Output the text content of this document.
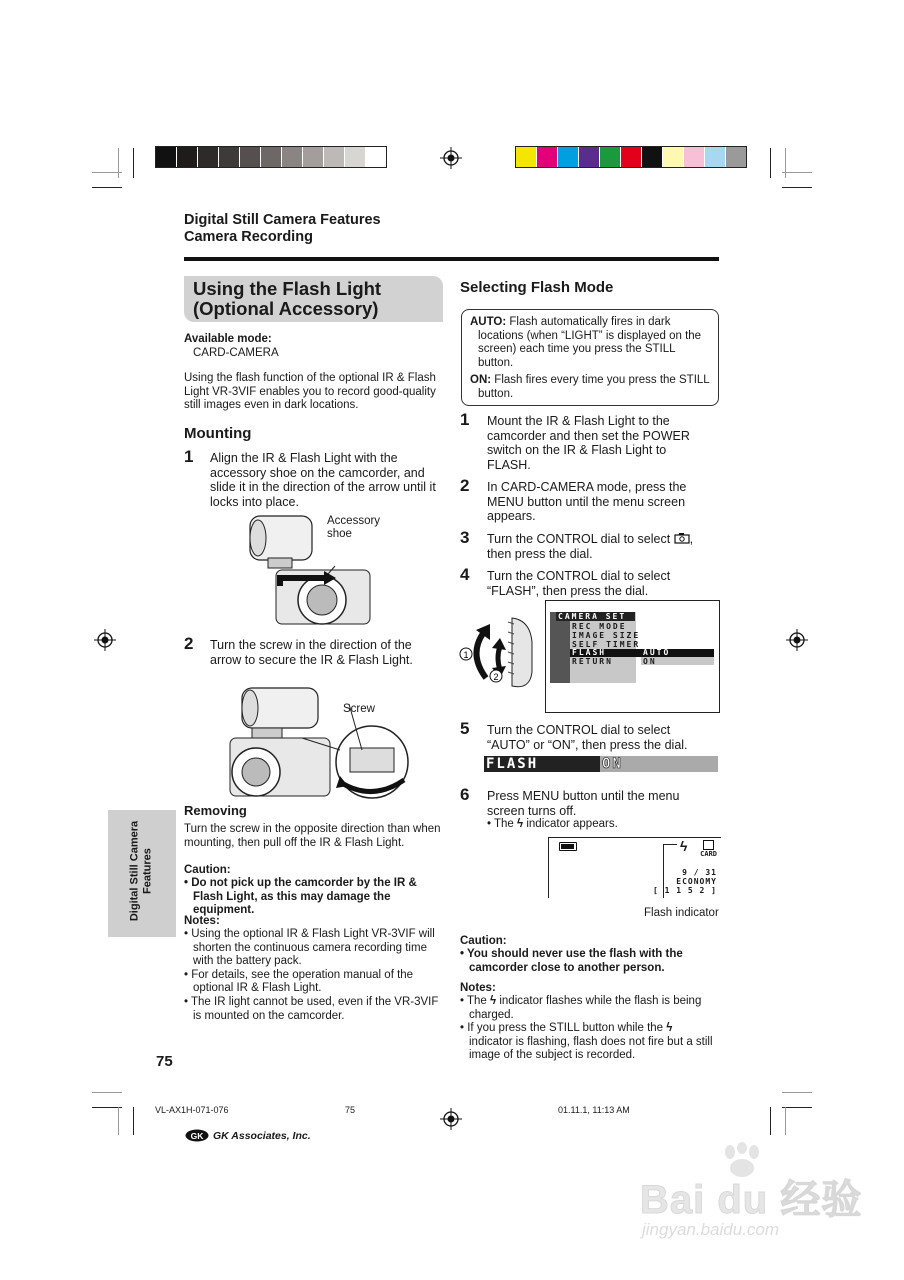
Digital Still Camera Features
Camera Recording
Using the Flash Light
(Optional Accessory)
Available mode:
CARD-CAMERA
Using the flash function of the optional IR & Flash Light VR-3VIF enables you to record good-quality still images even in dark locations.
Mounting
1 Align the IR & Flash Light with the accessory shoe on the camcorder, and slide it in the direction of the arrow until it locks into place.
Accessory shoe
2 Turn the screw in the direction of the arrow to secure the IR & Flash Light.
Screw
Removing
Turn the screw in the opposite direction than when mounting, then pull off the IR & Flash Light.
Caution:
• Do not pick up the camcorder by the IR & Flash Light, as this may damage the equipment.
Notes:
• Using the optional IR & Flash Light VR-3VIF will shorten the continuous camera recording time with the battery pack.
• For details, see the operation manual of the optional IR & Flash Light.
• The IR light cannot be used, even if the VR-3VIF is mounted on the camcorder.
Digital Still Camera Features
75
Selecting Flash Mode
AUTO: Flash automatically fires in dark locations (when “LIGHT” is displayed on the screen) each time you press the STILL button.
ON: Flash fires every time you press the STILL button.
1 Mount the IR & Flash Light to the camcorder and then set the POWER switch on the IR & Flash Light to FLASH.
2 In CARD-CAMERA mode, press the MENU button until the menu screen appears.
3 Turn the CONTROL dial to select , then press the dial.
4 Turn the CONTROL dial to select “FLASH”, then press the dial.
1
2
CAMERA SET
REC MODE
IMAGE SIZE
SELF TIMER
FLASH	AUTO
RETURN	ON
5 Turn the CONTROL dial to select “AUTO” or “ON”, then press the dial.
FLASH	ON
6 Press MENU button until the menu screen turns off.
• The ϟ indicator appears.
ϟ CARD
9 / 31
ECONOMY
[ 1 1 5 2 ]
Flash indicator
Caution:
• You should never use the flash with the camcorder close to another person.
Notes:
• The ϟ indicator flashes while the flash is being charged.
• If you press the STILL button while the ϟ indicator is flashing, flash does not fire but a still image of the subject is recorded.
VL-AX1H-071-076	75	01.11.1, 11:13 AM
GK GK Associates, Inc.
Bai du 经验
jingyan.baidu.com
